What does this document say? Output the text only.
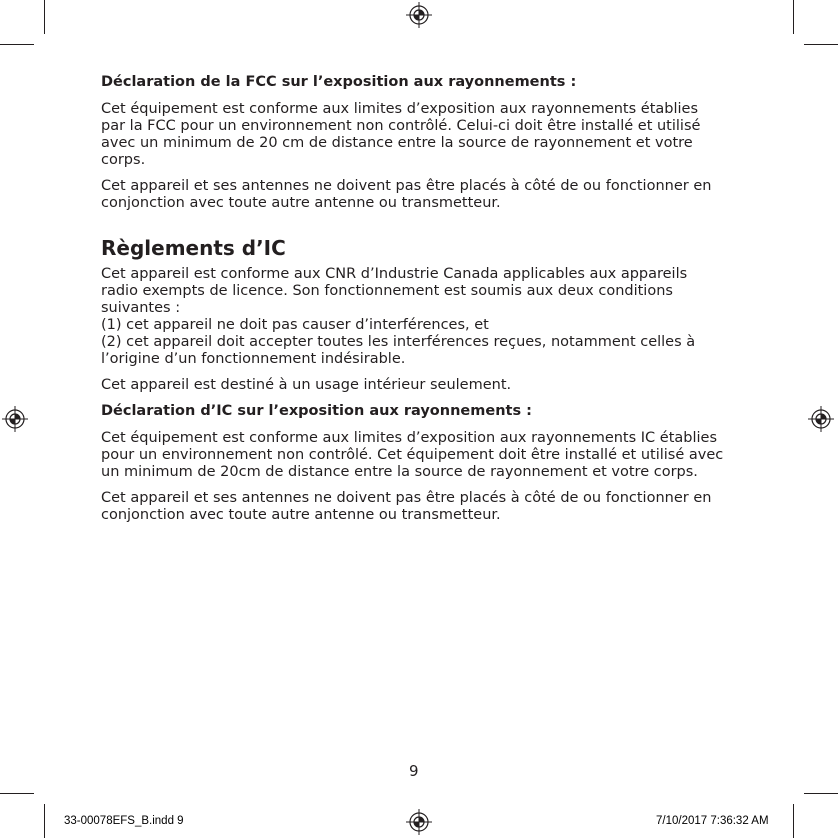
Déclaration de la FCC sur l’exposition aux rayonnements :

Cet équipement est conforme aux limites d’exposition aux rayonnements établies
par la FCC pour un environnement non contrôlé. Celui-ci doit être installé et utilisé
avec un minimum de 20 cm de distance entre la source de rayonnement et votre
corps.

Cet appareil et ses antennes ne doivent pas être placés à côté de ou fonctionner en
conjonction avec toute autre antenne ou transmetteur.

Règlements d’IC

Cet appareil est conforme aux CNR d’Industrie Canada applicables aux appareils
radio exempts de licence. Son fonctionnement est soumis aux deux conditions
suivantes :
(1) cet appareil ne doit pas causer d’interférences, et
(2) cet appareil doit accepter toutes les interférences reçues, notamment celles à
l’origine d’un fonctionnement indésirable.

Cet appareil est destiné à un usage intérieur seulement.

Déclaration d’IC sur l’exposition aux rayonnements :

Cet équipement est conforme aux limites d’exposition aux rayonnements IC établies
pour un environnement non contrôlé. Cet équipement doit être installé et utilisé avec
un minimum de 20cm de distance entre la source de rayonnement et votre corps.

Cet appareil et ses antennes ne doivent pas être placés à côté de ou fonctionner en
conjonction avec toute autre antenne ou transmetteur.

9
33-00078EFS_B.indd 9	7/10/2017 7:36:32 AM
